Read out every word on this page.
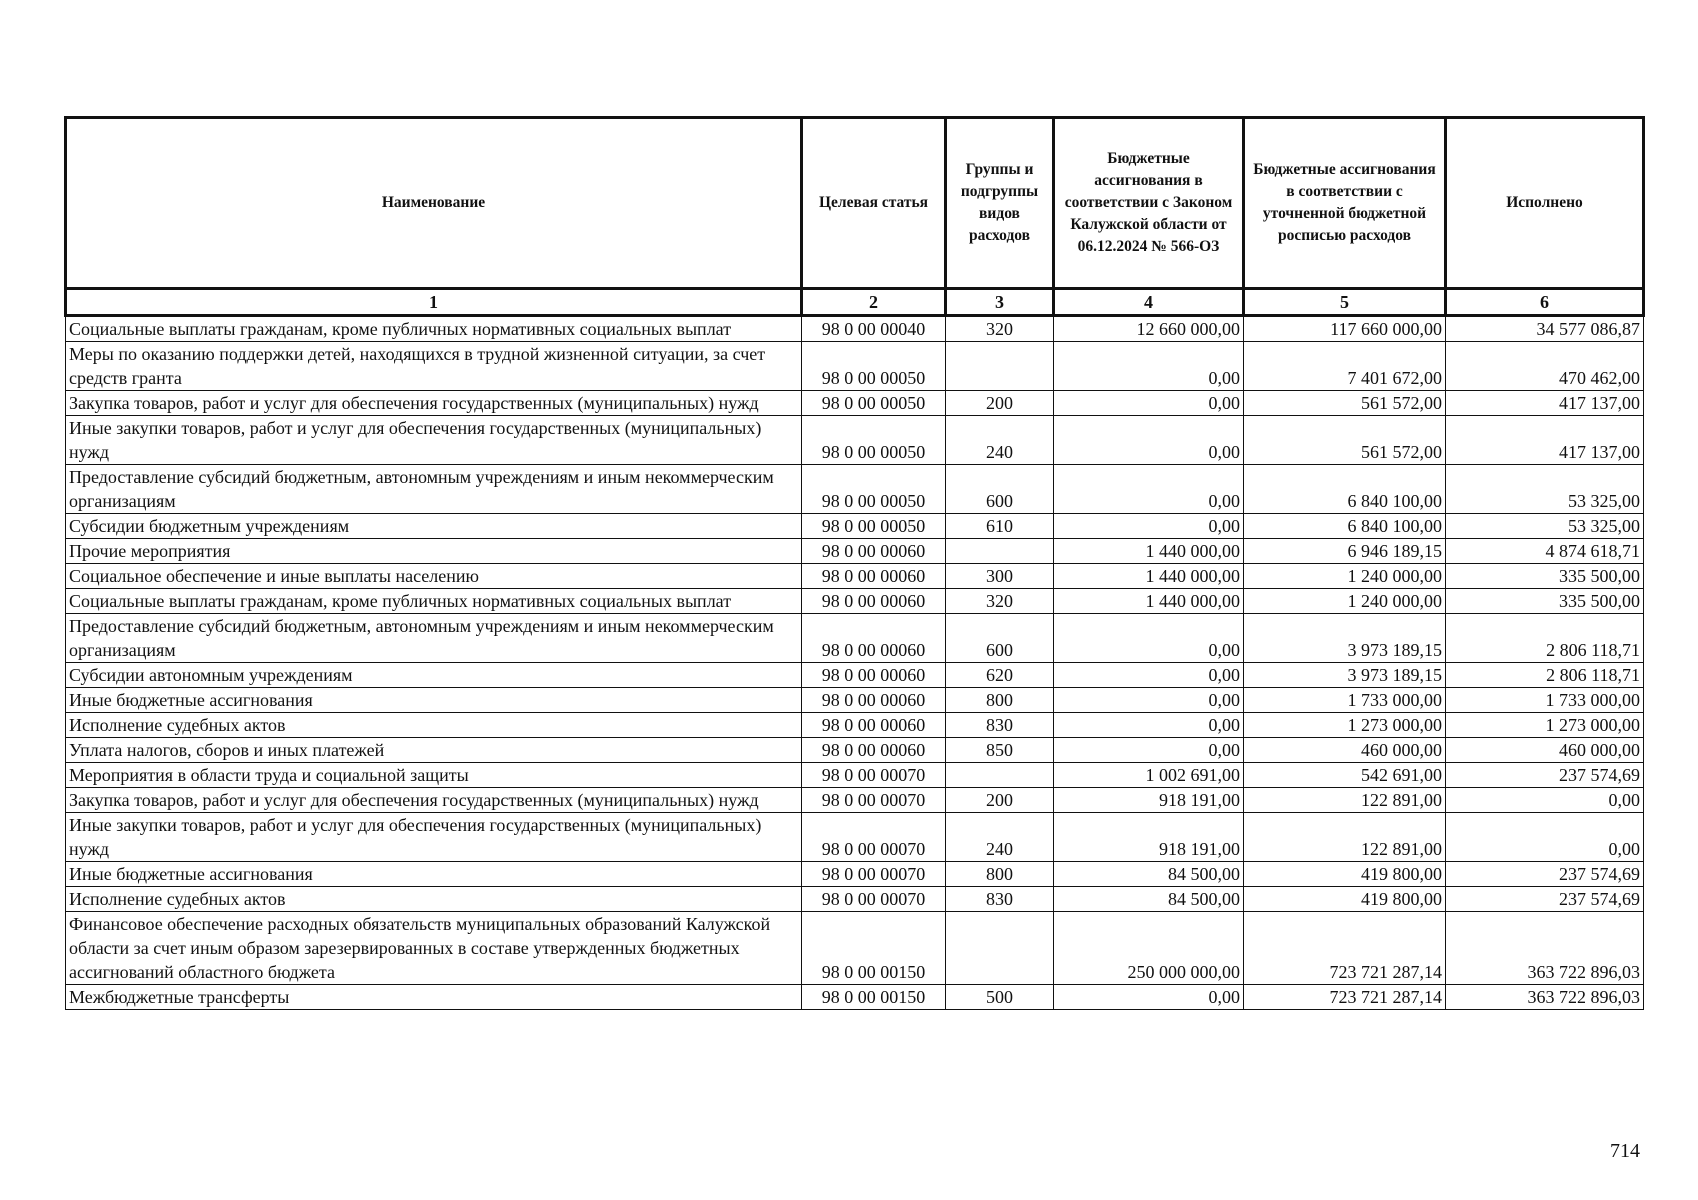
Наименование	Целевая статья	Группы и подгруппы видов расходов	Бюджетные ассигнования в соответствии с Законом Калужской области от 06.12.2024 № 566-ОЗ	Бюджетные ассигнования в соответствии с уточненной бюджетной росписью расходов	Исполнено
1	2	3	4	5	6
Социальные выплаты гражданам, кроме публичных нормативных социальных выплат	98 0 00 00040	320	12 660 000,00	117 660 000,00	34 577 086,87
Меры по оказанию поддержки детей, находящихся в трудной жизненной ситуации, за счет средств гранта	98 0 00 00050		0,00	7 401 672,00	470 462,00
Закупка товаров, работ и услуг для обеспечения государственных (муниципальных) нужд	98 0 00 00050	200	0,00	561 572,00	417 137,00
Иные закупки товаров, работ и услуг для обеспечения государственных (муниципальных) нужд	98 0 00 00050	240	0,00	561 572,00	417 137,00
Предоставление субсидий бюджетным, автономным учреждениям и иным некоммерческим организациям	98 0 00 00050	600	0,00	6 840 100,00	53 325,00
Субсидии бюджетным учреждениям	98 0 00 00050	610	0,00	6 840 100,00	53 325,00
Прочие мероприятия	98 0 00 00060		1 440 000,00	6 946 189,15	4 874 618,71
Социальное обеспечение и иные выплаты населению	98 0 00 00060	300	1 440 000,00	1 240 000,00	335 500,00
Социальные выплаты гражданам, кроме публичных нормативных социальных выплат	98 0 00 00060	320	1 440 000,00	1 240 000,00	335 500,00
Предоставление субсидий бюджетным, автономным учреждениям и иным некоммерческим организациям	98 0 00 00060	600	0,00	3 973 189,15	2 806 118,71
Субсидии автономным учреждениям	98 0 00 00060	620	0,00	3 973 189,15	2 806 118,71
Иные бюджетные ассигнования	98 0 00 00060	800	0,00	1 733 000,00	1 733 000,00
Исполнение судебных актов	98 0 00 00060	830	0,00	1 273 000,00	1 273 000,00
Уплата налогов, сборов и иных платежей	98 0 00 00060	850	0,00	460 000,00	460 000,00
Мероприятия в области труда и социальной защиты	98 0 00 00070		1 002 691,00	542 691,00	237 574,69
Закупка товаров, работ и услуг для обеспечения государственных (муниципальных) нужд	98 0 00 00070	200	918 191,00	122 891,00	0,00
Иные закупки товаров, работ и услуг для обеспечения государственных (муниципальных) нужд	98 0 00 00070	240	918 191,00	122 891,00	0,00
Иные бюджетные ассигнования	98 0 00 00070	800	84 500,00	419 800,00	237 574,69
Исполнение судебных актов	98 0 00 00070	830	84 500,00	419 800,00	237 574,69
Финансовое обеспечение расходных обязательств муниципальных образований Калужской области за счет иным образом зарезервированных в составе утвержденных бюджетных ассигнований областного бюджета	98 0 00 00150		250 000 000,00	723 721 287,14	363 722 896,03
Межбюджетные трансферты	98 0 00 00150	500	0,00	723 721 287,14	363 722 896,03
714
